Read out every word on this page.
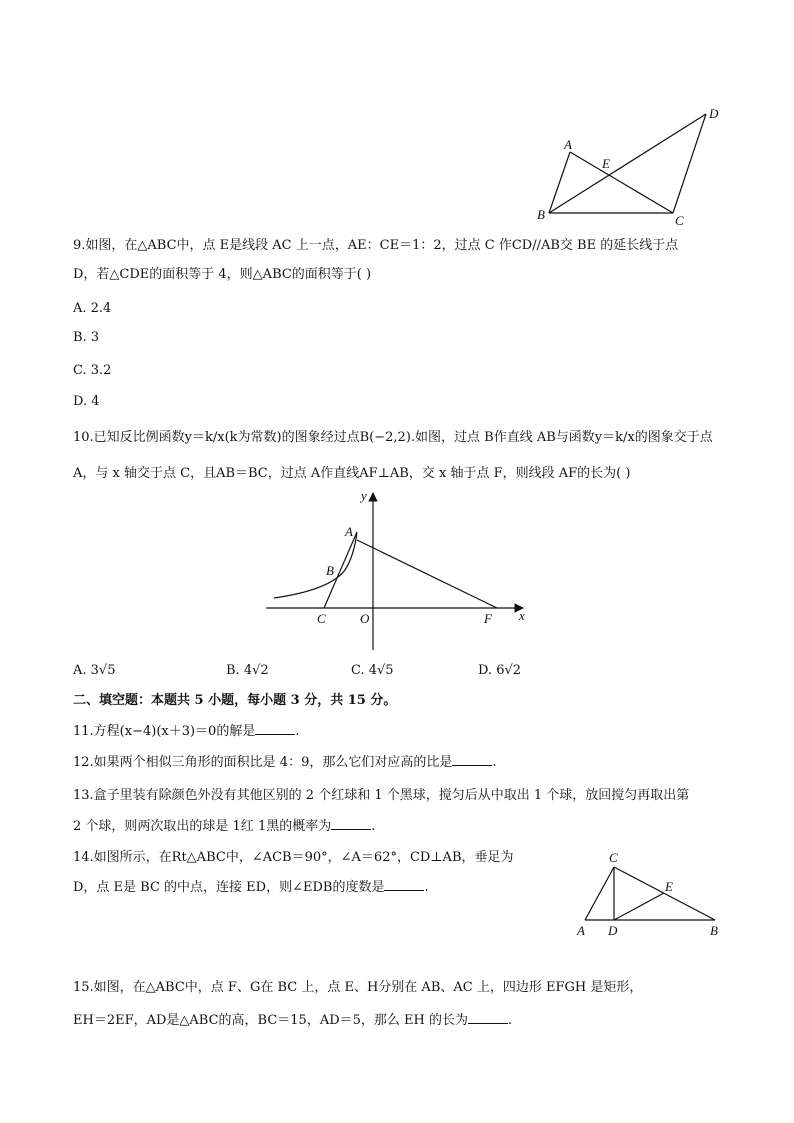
A
B	C
D
E
9.如图，在△ABC中，点 E是线段 AC 上一点，AE：CE＝1：2，过点 C 作CD//AB交 BE 的延长线于点
D，若△CDE的面积等于 4，则△ABC的面积等于( )
A. 2.4
B. 3
C. 3.2
D. 4
10.已知反比例函数y＝k/x(k为常数)的图象经过点B(−2,2).如图，过点 B作直线 AB与函数y＝k/x的图象交于点
A，与 x 轴交于点 C，且AB＝BC，过点 A作直线AF⊥AB，交 x 轴于点 F，则线段 AF的长为( )
y
A
B
C	O	F x
A. 3√5	B. 4√2	C. 4√5	D. 6√2
二、填空题：本题共 5 小题，每小题 3 分，共 15 分。
11.方程(x−4)(x＋3)＝0的解是	.
12.如果两个相似三角形的面积比是 4：9，那么它们对应高的比是	.
13.盒子里装有除颜色外没有其他区别的 2 个红球和 1 个黑球，搅匀后从中取出 1 个球，放回搅匀再取出第
2 个球，则两次取出的球是 1红 1黑的概率为	.
14.如图所示，在Rt△ABC中，∠ACB＝90°，∠A＝62°，CD⊥AB，垂足为
D，点 E是 BC 的中点，连接 ED，则∠EDB的度数是	.
A	B
C
D
E
15.如图，在△ABC中，点 F、G在 BC 上，点 E、H分别在 AB、AC 上，四边形 EFGH 是矩形，
EH＝2EF，AD是△ABC的高，BC＝15，AD＝5，那么 EH 的长为	.
